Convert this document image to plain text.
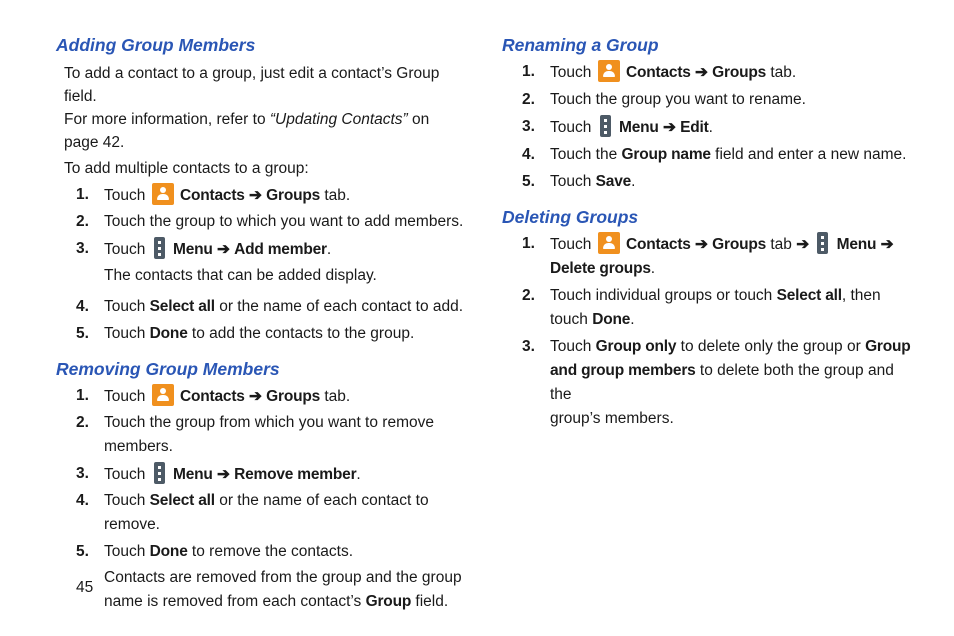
Adding Group Members

To add a contact to a group, just edit a contact’s Group field.

For more information, refer to “Updating Contacts” on

page 42.

To add multiple contacts to a group:

1. Touch Contacts ➔ Groups tab.
2. Touch the group to which you want to add members.
3. Touch Menu ➔ Add member.
The contacts that can be added display.
4. Touch Select all or the name of each contact to add.
5. Touch Done to add the contacts to the group.
Removing Group Members
1. Touch Contacts ➔ Groups tab.
2. Touch the group from which you want to remove
members.
3. Touch Menu ➔ Remove member.
4. Touch Select all or the name of each contact to remove.
5. Touch Done to remove the contacts.
Contacts are removed from the group and the group
name is removed from each contact’s Group field.
Renaming a Group
1. Touch Contacts ➔ Groups tab.
2. Touch the group you want to rename.
3. Touch Menu ➔ Edit.
4. Touch the Group name field and enter a new name.
5. Touch Save.
Deleting Groups
1. Touch Contacts ➔ Groups tab ➔ Menu ➔
Delete groups.
2. Touch individual groups or touch Select all, then
touch Done.
3. Touch Group only to delete only the group or Group
and group members to delete both the group and the
group’s members.
45
